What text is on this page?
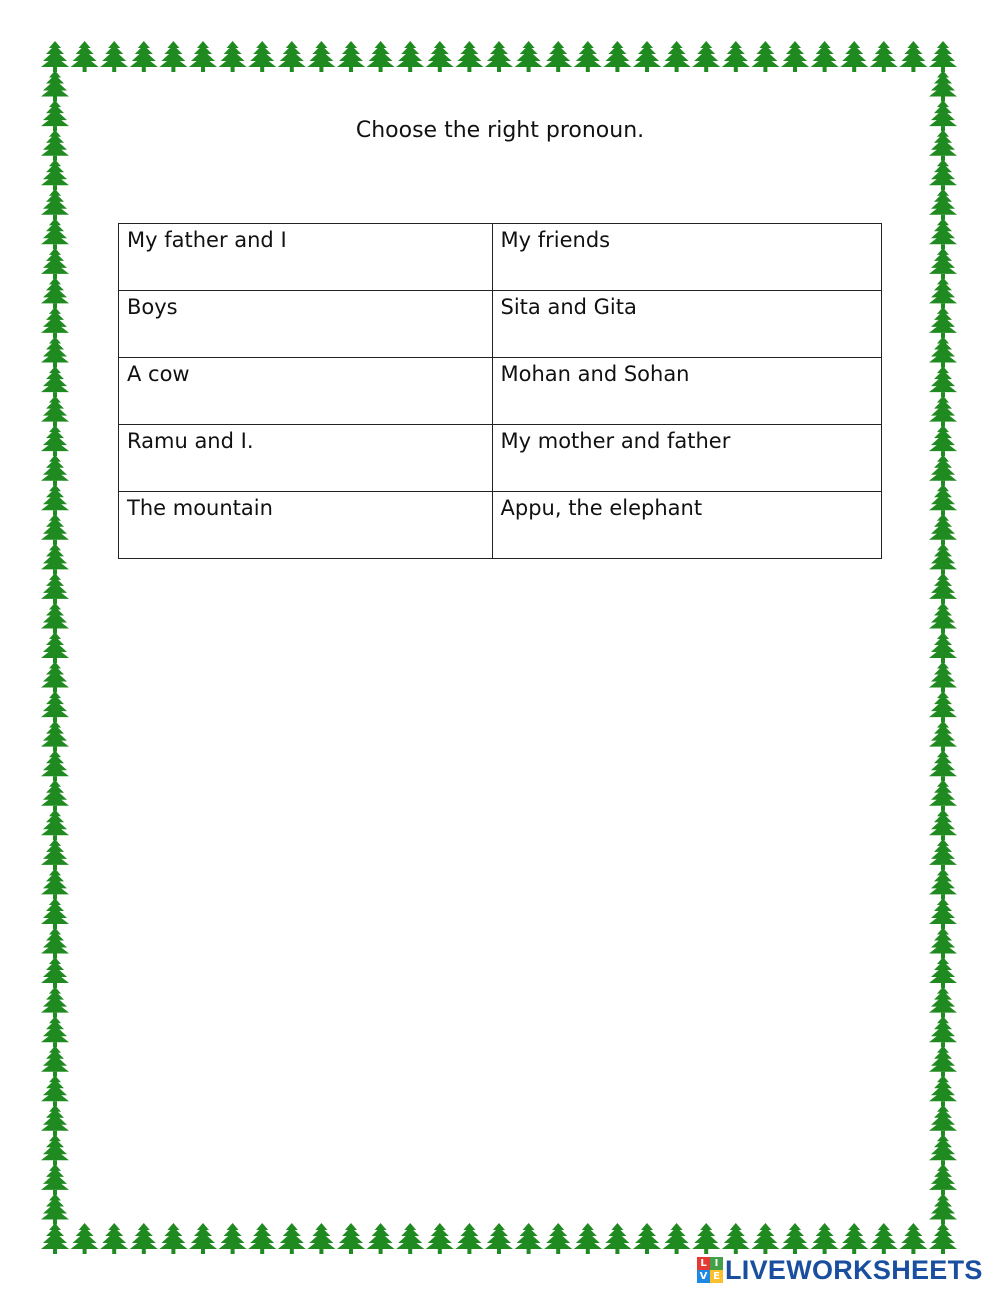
Choose the right pronoun.
My father and I	My friends
Boys	Sita and Gita
A cow	Mohan and Sohan
Ramu and I.	My mother and father
The mountain	Appu, the elephant
L I
V E LIVEWORKSHEETS
